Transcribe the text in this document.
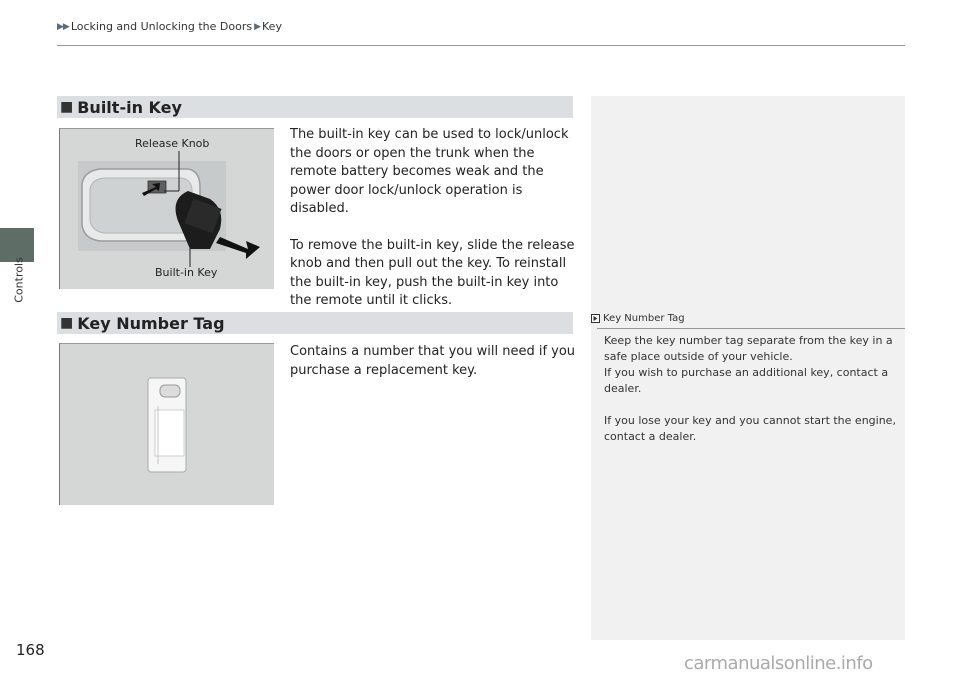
Controls
▶▶ Locking and Unlocking the Doors ▶ Key
■ Built-in Key
Release Knob
Built-in Key

The built-in key can be used to lock/unlock the doors or open the trunk when the remote battery becomes weak and the power door lock/unlock operation is disabled.

To remove the built-in key, slide the release knob and then pull out the key. To reinstall the built-in key, push the built-in key into the remote until it clicks.

■ Key Number Tag

Contains a number that you will need if you purchase a replacement key.

Key Number Tag

Keep the key number tag separate from the key in a
safe place outside of your vehicle.
If you wish to purchase an additional key, contact a
dealer.

If you lose your key and you cannot start the engine,
contact a dealer.

168
carmanualsonline.info
